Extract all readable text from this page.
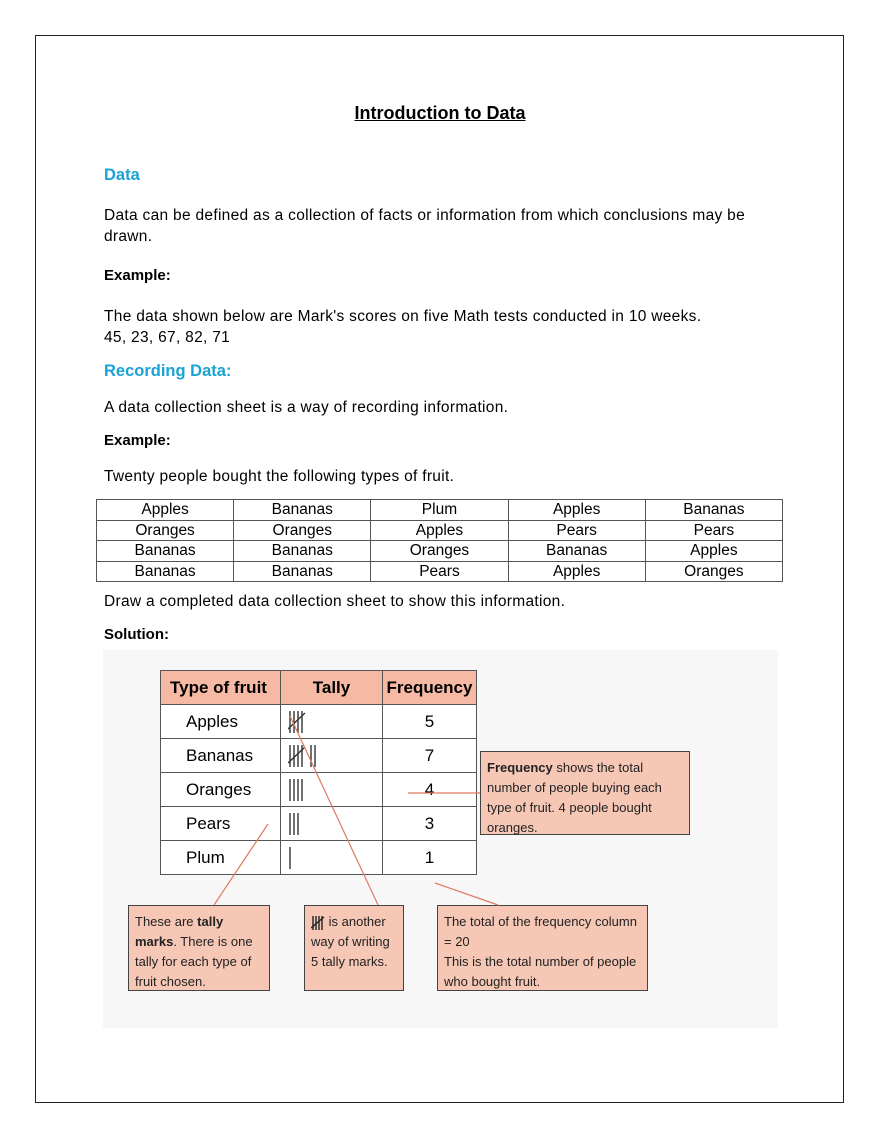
Introduction to Data
Data
Data can be defined as a collection of facts or information from which conclusions may be drawn.
Example:
The data shown below are Mark's scores on five Math tests conducted in 10 weeks.
45, 23, 67, 82, 71
Recording Data:
A data collection sheet is a way of recording information.
Example:
Twenty people bought the following types of fruit.
Apples	Bananas	Plum	Apples	Bananas
Oranges	Oranges	Apples	Pears	Pears
Bananas	Bananas	Oranges	Bananas	Apples
Bananas	Bananas	Pears	Apples	Oranges
Draw a completed data collection sheet to show this information.
Solution:
Type of fruit	Tally	Frequency
Apples		5
Bananas		7
Oranges		4
Pears		3
Plum		1
Frequency shows the total number of people buying each type of fruit. 4 people bought oranges.
These are tally marks. There is one tally for each type of fruit chosen.
is another way of writing 5 tally marks.
The total of the frequency column = 20
This is the total number of people who bought fruit.
